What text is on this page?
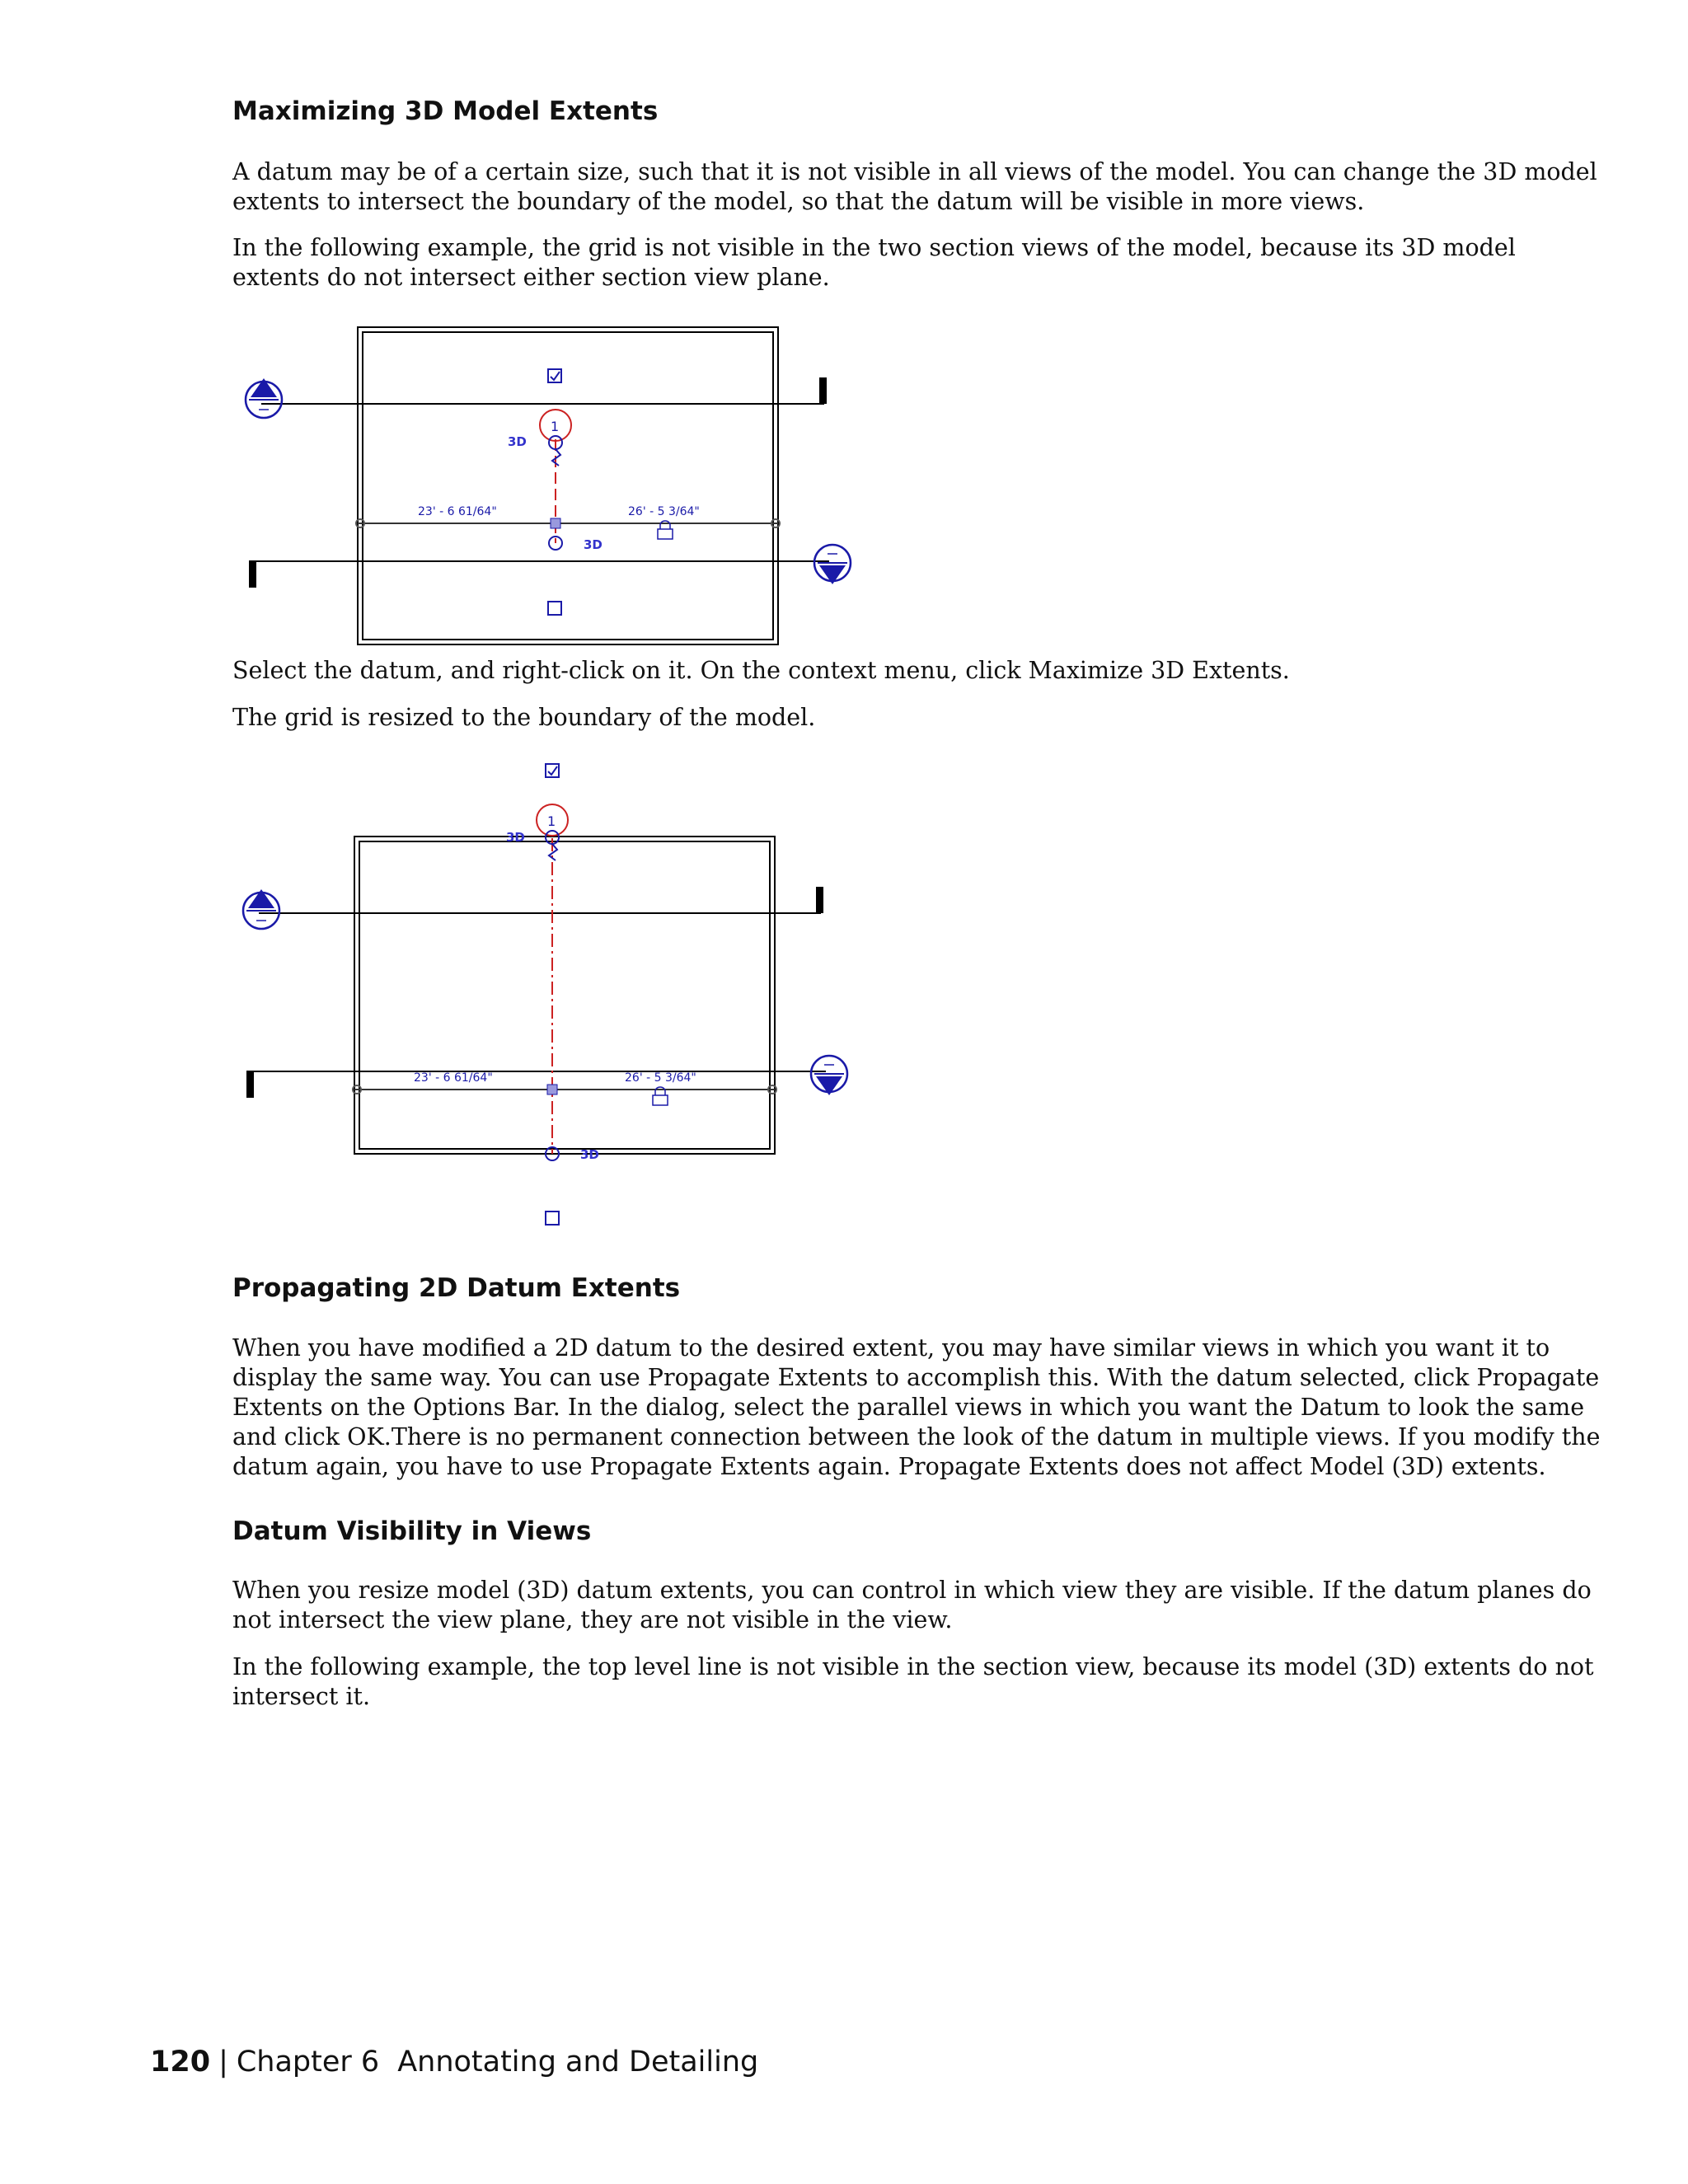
Maximizing 3D Model Extents

A datum may be of a certain size, such that it is not visible in all views of the model. You can change the 3D model extents to intersect the boundary of the model, so that the datum will be visible in more views.

In the following example, the grid is not visible in the two section views of the model, because its 3D model extents do not intersect either section view plane.

23' - 6 61/64"	26' - 5 3/64"
1
3D
3D

Select the datum, and right-click on it. On the context menu, click Maximize 3D Extents.

The grid is resized to the boundary of the model.

23' - 6 61/64"	26' - 5 3/64"
1
3D
3D
Propagating 2D Datum Extents

When you have modified a 2D datum to the desired extent, you may have similar views in which you want it to display the same way. You can use Propagate Extents to accomplish this. With the datum selected, click Propagate Extents on the Options Bar. In the dialog, select the parallel views in which you want the Datum to look the same and click OK.There is no permanent connection between the look of the datum in multiple views. If you modify the datum again, you have to use Propagate Extents again. Propagate Extents does not affect Model (3D) extents.

Datum Visibility in Views

When you resize model (3D) datum extents, you can control in which view they are visible. If the datum planes do not intersect the view plane, they are not visible in the view.

In the following example, the top level line is not visible in the section view, because its model (3D) extents do not intersect it.

120 | Chapter 6 Annotating and Detailing
